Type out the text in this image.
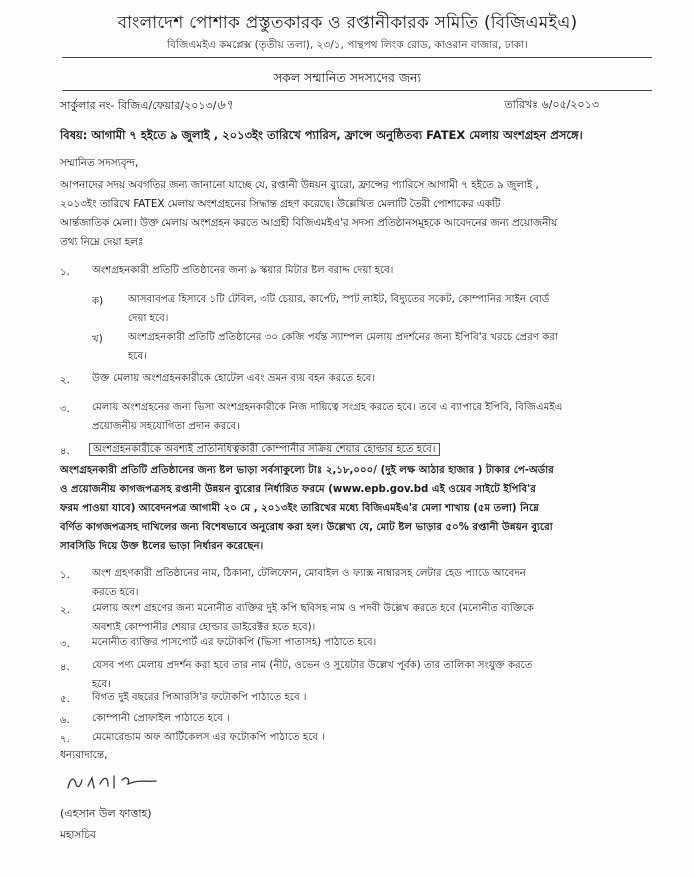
বাংলাদেশ পোশাক প্রস্তুতকারক ও রপ্তানীকারক সমিতি (বিজিএমইএ)
বিজিএমইএ কমপ্লেক্স (তৃতীয় তলা), ২৩/১, পান্থপথ লিংক রোড, কাওরান বাজার, ঢাকা।
সকল সম্মানিত সদস্যদের জন্য
সার্কুলার নং- বিজিএ/ফেয়ার/২০১৩/৬৭	তারিখঃ ৬/০৫/২০১৩
বিষয়: আগামী ৭ হইতে ৯ জুলাই , ২০১৩ইং তারিখে প্যারিস, ফ্রান্সে অনুষ্ঠিতব্য FATEX মেলায় অংশগ্রহন প্রসঙ্গে।
সম্মানিত সদস্যবৃন্দ,
আপনাদের সদয় অবগতির জন্য জানানো যাচ্ছে যে, রপ্তানী উন্নয়ন ব্যুরো, ফ্রান্সের প্যারিসে আগামী ৭ হইতে ৯ জুলাই ,
২০১৩ইং তারিখে FATEX মেলায় অংশগ্রহনের সিদ্ধান্ত গ্রহণ করেছে। উল্লেখিত মেলাটি তৈরী পোশাকের একটি
আর্ন্তজাতিক মেলা। উক্ত মেলায় অংশগ্রহন করতে আগ্রহী বিজিএমইএ'র সদস্য প্রতিষ্ঠানসমূহকে আবেদনের জন্য প্রয়োজনীয়
তথ্য নিম্নে দেয়া হলঃ
১. অংশগ্রহনকারী প্রতিটি প্রতিষ্ঠানের জন্য ৯ স্কয়ার মিটার ষ্টল বরাদ্দ দেয়া হবে।
ক) আসবাবপত্র হিসাবে ১টি টেবিল, ৩টি চেয়ার, কার্পেট, স্পট লাইট, বিদ্যুতের সকেট, কোম্পানির সাইন বোর্ড
দেয়া হবে।
খ) অংশগ্রহনকারী প্রতিটি প্রতিষ্ঠানের ৩০ কেজি পর্যন্ত স্যাম্পল মেলায় প্রদর্শনের জন্য ইপিবি'র খরচে প্রেরণ করা
হবে।
২. উক্ত মেলায় অংশগ্রহনকারীকে হোটেল এবং ভ্রমন ব্যয় বহন করতে হবে।
৩. মেলায় অংশগ্রহনের জন্য ভিসা অংশগ্রহনকারীকে নিজ দায়িত্বে সংগ্রহ করতে হবে। তবে এ ব্যাপারে ইপিবি, বিজিএমইএ
প্রয়োজনীয় সহযোগিতা প্রদান করবে।
৪.	অংশগ্রহনকারীকে অবশ্যই প্রতিনিধিত্বকারী কোম্পানীর সক্রিয় শেয়ার হোল্ডার হতে হবে।
অংশগ্রহনকারী প্রতিটি প্রতিষ্ঠানের জন্য ষ্টল ভাড়া সর্বসাকুল্যে টাঃ ২,১৮,০০০/ (দুই লক্ষ আঠার হাজার ) টাকার পে-অর্ডার
ও প্রয়োজনীয় কাগজপত্রসহ রপ্তানী উন্নয়ন ব্যুরোর নির্ধারিত ফরমে (www.epb.gov.bd এই ওয়েব সাইটে ইপিবি'র
ফরম পাওয়া যাবে) আবেদনপত্র আগামী ২০ মে , ২০১৩ইং তারিখের মধ্যে বিজিএমইএ'র মেলা শাখায় (৫ম তলা) নিম্নে
বর্ণিত কাগজপত্রসহ দাখিলের জন্য বিশেষভাবে অনুরোধ করা হল। উল্লেখ্য যে, মোট ষ্টল ভাড়ার ৫০% রপ্তানী উন্নয়ন ব্যুরো
সাবসিডি দিয়ে উক্ত ষ্টলের ভাড়া নির্ধারন করেছেন।
১. অংশ গ্রহণকারী প্রতিষ্ঠানের নাম, ঠিকানা, টেলিফোন, মোবাইল ও ফ্যাক্স নাম্বারসহ লেটার হেড প্যাডে আবেদন
করতে হবে।
২. মেলায় অংশ গ্রহণের জন্য মনোনীত ব্যক্তির দুই কপি ছবিসহ নাম ও পদবী উল্লেখ করতে হবে (মনোনীত ব্যক্তিকে
অবশ্যই কোম্পানীর শেয়ার হোল্ডার ডাইরেক্টর হতে হবে)।
৩. মনোনীত ব্যক্তির পাসপোর্ট এর ফটোকপি (ভিসা পাতাসহ) পাঠাতে হবে।
৪. যেসব পণ্য মেলায় প্রদর্শন করা হবে তার নাম (নীট, ওভেন ও সুয়েটার উল্লেখ পূর্বক) তার তালিকা সংযুক্ত করতে
হবে।
৫. বিগত দুই বছরের পিআরসি'র ফটোকপি পাঠাতে হবে ।
৬. কোম্পানী প্রোফাইল পাঠাতে হবে ।
৭. মেমোরেন্ডাম অফ আর্টিকেলস এর ফটোকপি পাঠাতে হবে ।
ধন্যবাদান্তে,
(এহসান উল ফাত্তাহ)
মহাসচিব
